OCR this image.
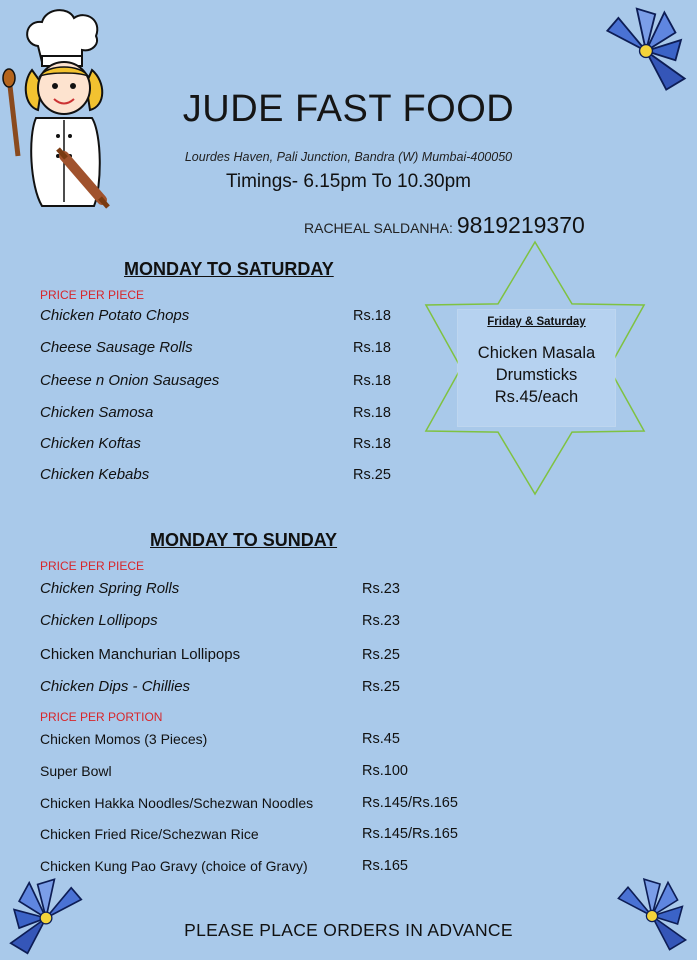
JUDE FAST FOOD
Lourdes Haven, Pali Junction, Bandra (W) Mumbai-400050
Timings- 6.15pm To 10.30pm
RACHEAL SALDANHA: 9819219370
Friday & Saturday
Chicken Masala
Drumsticks
Rs.45/each
MONDAY TO SATURDAY
PRICE PER PIECE
Chicken Potato Chops	Rs.18
Cheese Sausage Rolls	Rs.18
Cheese n Onion Sausages	Rs.18
Chicken Samosa	Rs.18
Chicken Koftas	Rs.18
Chicken Kebabs	Rs.25
MONDAY TO SUNDAY
PRICE PER PIECE
Chicken Spring Rolls	Rs.23
Chicken Lollipops	Rs.23
Chicken Manchurian Lollipops	Rs.25
Chicken Dips - Chillies	Rs.25
PRICE PER PORTION
Chicken Momos (3 Pieces)	Rs.45
Super Bowl	Rs.100
Chicken Hakka Noodles/Schezwan Noodles	Rs.145/Rs.165
Chicken Fried Rice/Schezwan Rice	Rs.145/Rs.165
Chicken Kung Pao Gravy (choice of Gravy)	Rs.165
PLEASE PLACE ORDERS IN ADVANCE
